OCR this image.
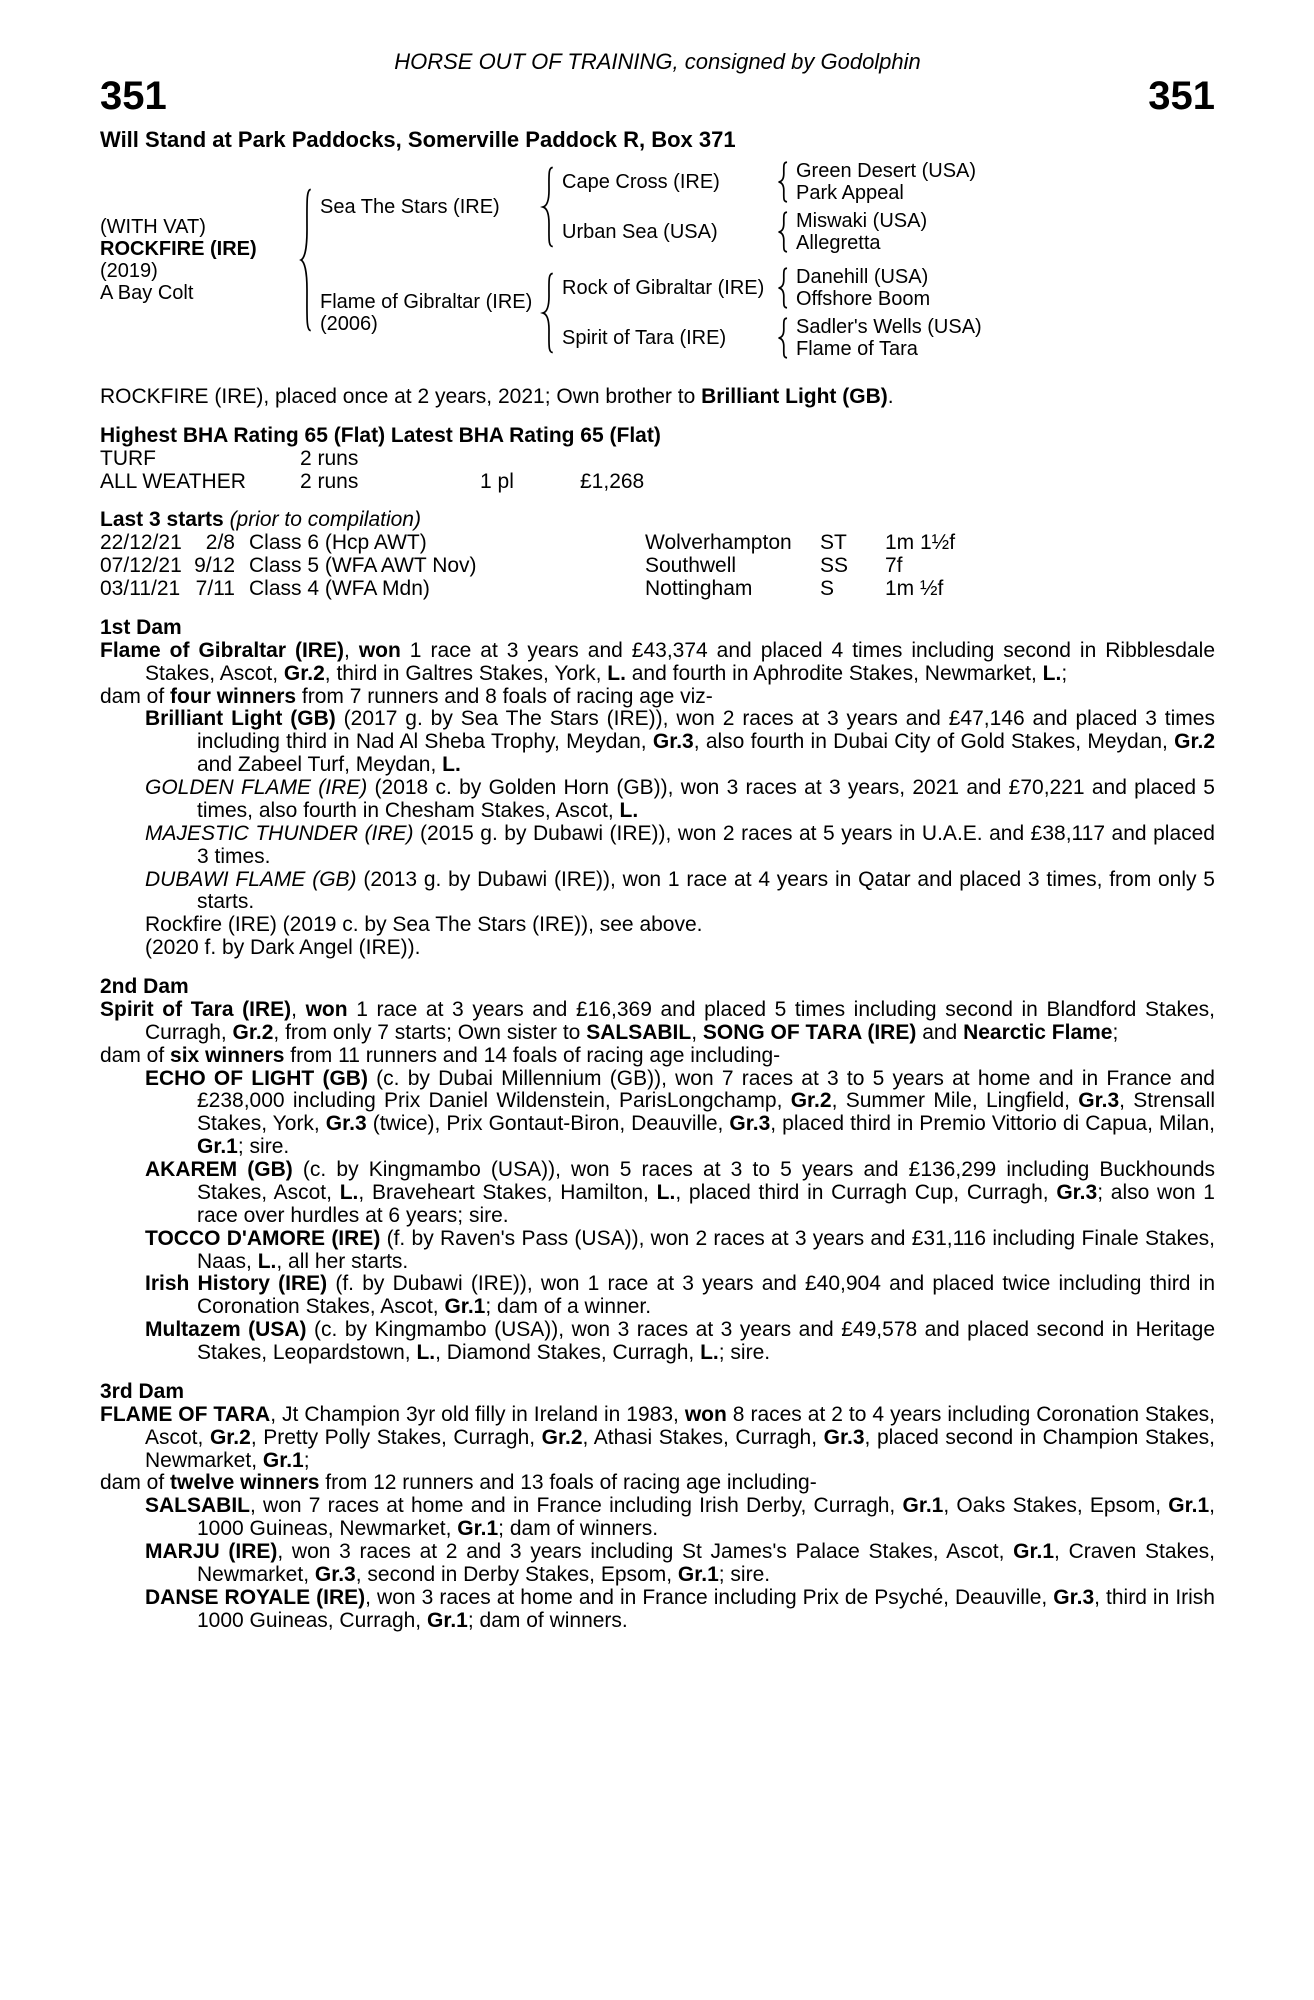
HORSE OUT OF TRAINING, consigned by Godolphin
351	351
Will Stand at Park Paddocks, Somerville Paddock R, Box 371
(WITH VAT)
ROCKFIRE (IRE)
(2019)
A Bay Colt
Sea The Stars (IRE)
Cape Cross (IRE)	Green Desert (USA)
Park Appeal
Urban Sea (USA)	Miswaki (USA)
Allegretta
Flame of Gibraltar (IRE)
(2006)
Rock of Gibraltar (IRE)	Danehill (USA)
Offshore Boom
Spirit of Tara (IRE)	Sadler's Wells (USA)
Flame of Tara

ROCKFIRE (IRE), placed once at 2 years, 2021; Own brother to Brilliant Light (GB).

Highest BHA Rating 65 (Flat) Latest BHA Rating 65 (Flat)

TURF	2 runs
ALL WEATHER	2 runs	1 pl	£1,268

Last 3 starts (prior to compilation)

22/12/21	2/8 Class 6 (Hcp AWT)	Wolverhampton	ST	1m 1½f
07/12/21 9/12 Class 5 (WFA AWT Nov)	Southwell	SS	7f
03/11/21 7/11 Class 4 (WFA Mdn)	Nottingham	S	1m ½f

1st Dam

Flame of Gibraltar (IRE), won 1 race at 3 years and £43,374 and placed 4 times including second in Ribblesdale Stakes, Ascot, Gr.2, third in Galtres Stakes, York, L. and fourth in Aphrodite Stakes, Newmarket, L.;

dam of four winners from 7 runners and 8 foals of racing age viz-

Brilliant Light (GB) (2017 g. by Sea The Stars (IRE)), won 2 races at 3 years and £47,146 and placed 3 times including third in Nad Al Sheba Trophy, Meydan, Gr.3, also fourth in Dubai City of Gold Stakes, Meydan, Gr.2 and Zabeel Turf, Meydan, L.

GOLDEN FLAME (IRE) (2018 c. by Golden Horn (GB)), won 3 races at 3 years, 2021 and £70,221 and placed 5 times, also fourth in Chesham Stakes, Ascot, L.

MAJESTIC THUNDER (IRE) (2015 g. by Dubawi (IRE)), won 2 races at 5 years in U.A.E. and £38,117 and placed 3 times.

DUBAWI FLAME (GB) (2013 g. by Dubawi (IRE)), won 1 race at 4 years in Qatar and placed 3 times, from only 5 starts.

Rockfire (IRE) (2019 c. by Sea The Stars (IRE)), see above.

(2020 f. by Dark Angel (IRE)).

2nd Dam

Spirit of Tara (IRE), won 1 race at 3 years and £16,369 and placed 5 times including second in Blandford Stakes, Curragh, Gr.2, from only 7 starts; Own sister to SALSABIL, SONG OF TARA (IRE) and Nearctic Flame;

dam of six winners from 11 runners and 14 foals of racing age including-

ECHO OF LIGHT (GB) (c. by Dubai Millennium (GB)), won 7 races at 3 to 5 years at home and in France and £238,000 including Prix Daniel Wildenstein, ParisLongchamp, Gr.2, Summer Mile, Lingfield, Gr.3, Strensall Stakes, York, Gr.3 (twice), Prix Gontaut-Biron, Deauville, Gr.3, placed third in Premio Vittorio di Capua, Milan, Gr.1; sire.

AKAREM (GB) (c. by Kingmambo (USA)), won 5 races at 3 to 5 years and £136,299 including Buckhounds Stakes, Ascot, L., Braveheart Stakes, Hamilton, L., placed third in Curragh Cup, Curragh, Gr.3; also won 1 race over hurdles at 6 years; sire.

TOCCO D'AMORE (IRE) (f. by Raven's Pass (USA)), won 2 races at 3 years and £31,116 including Finale Stakes, Naas, L., all her starts.

Irish History (IRE) (f. by Dubawi (IRE)), won 1 race at 3 years and £40,904 and placed twice including third in Coronation Stakes, Ascot, Gr.1; dam of a winner.

Multazem (USA) (c. by Kingmambo (USA)), won 3 races at 3 years and £49,578 and placed second in Heritage Stakes, Leopardstown, L., Diamond Stakes, Curragh, L.; sire.

3rd Dam

FLAME OF TARA, Jt Champion 3yr old filly in Ireland in 1983, won 8 races at 2 to 4 years including Coronation Stakes, Ascot, Gr.2, Pretty Polly Stakes, Curragh, Gr.2, Athasi Stakes, Curragh, Gr.3, placed second in Champion Stakes, Newmarket, Gr.1;

dam of twelve winners from 12 runners and 13 foals of racing age including-

SALSABIL, won 7 races at home and in France including Irish Derby, Curragh, Gr.1, Oaks Stakes, Epsom, Gr.1, 1000 Guineas, Newmarket, Gr.1; dam of winners.

MARJU (IRE), won 3 races at 2 and 3 years including St James's Palace Stakes, Ascot, Gr.1, Craven Stakes, Newmarket, Gr.3, second in Derby Stakes, Epsom, Gr.1; sire.

DANSE ROYALE (IRE), won 3 races at home and in France including Prix de Psyché, Deauville, Gr.3, third in Irish 1000 Guineas, Curragh, Gr.1; dam of winners.
